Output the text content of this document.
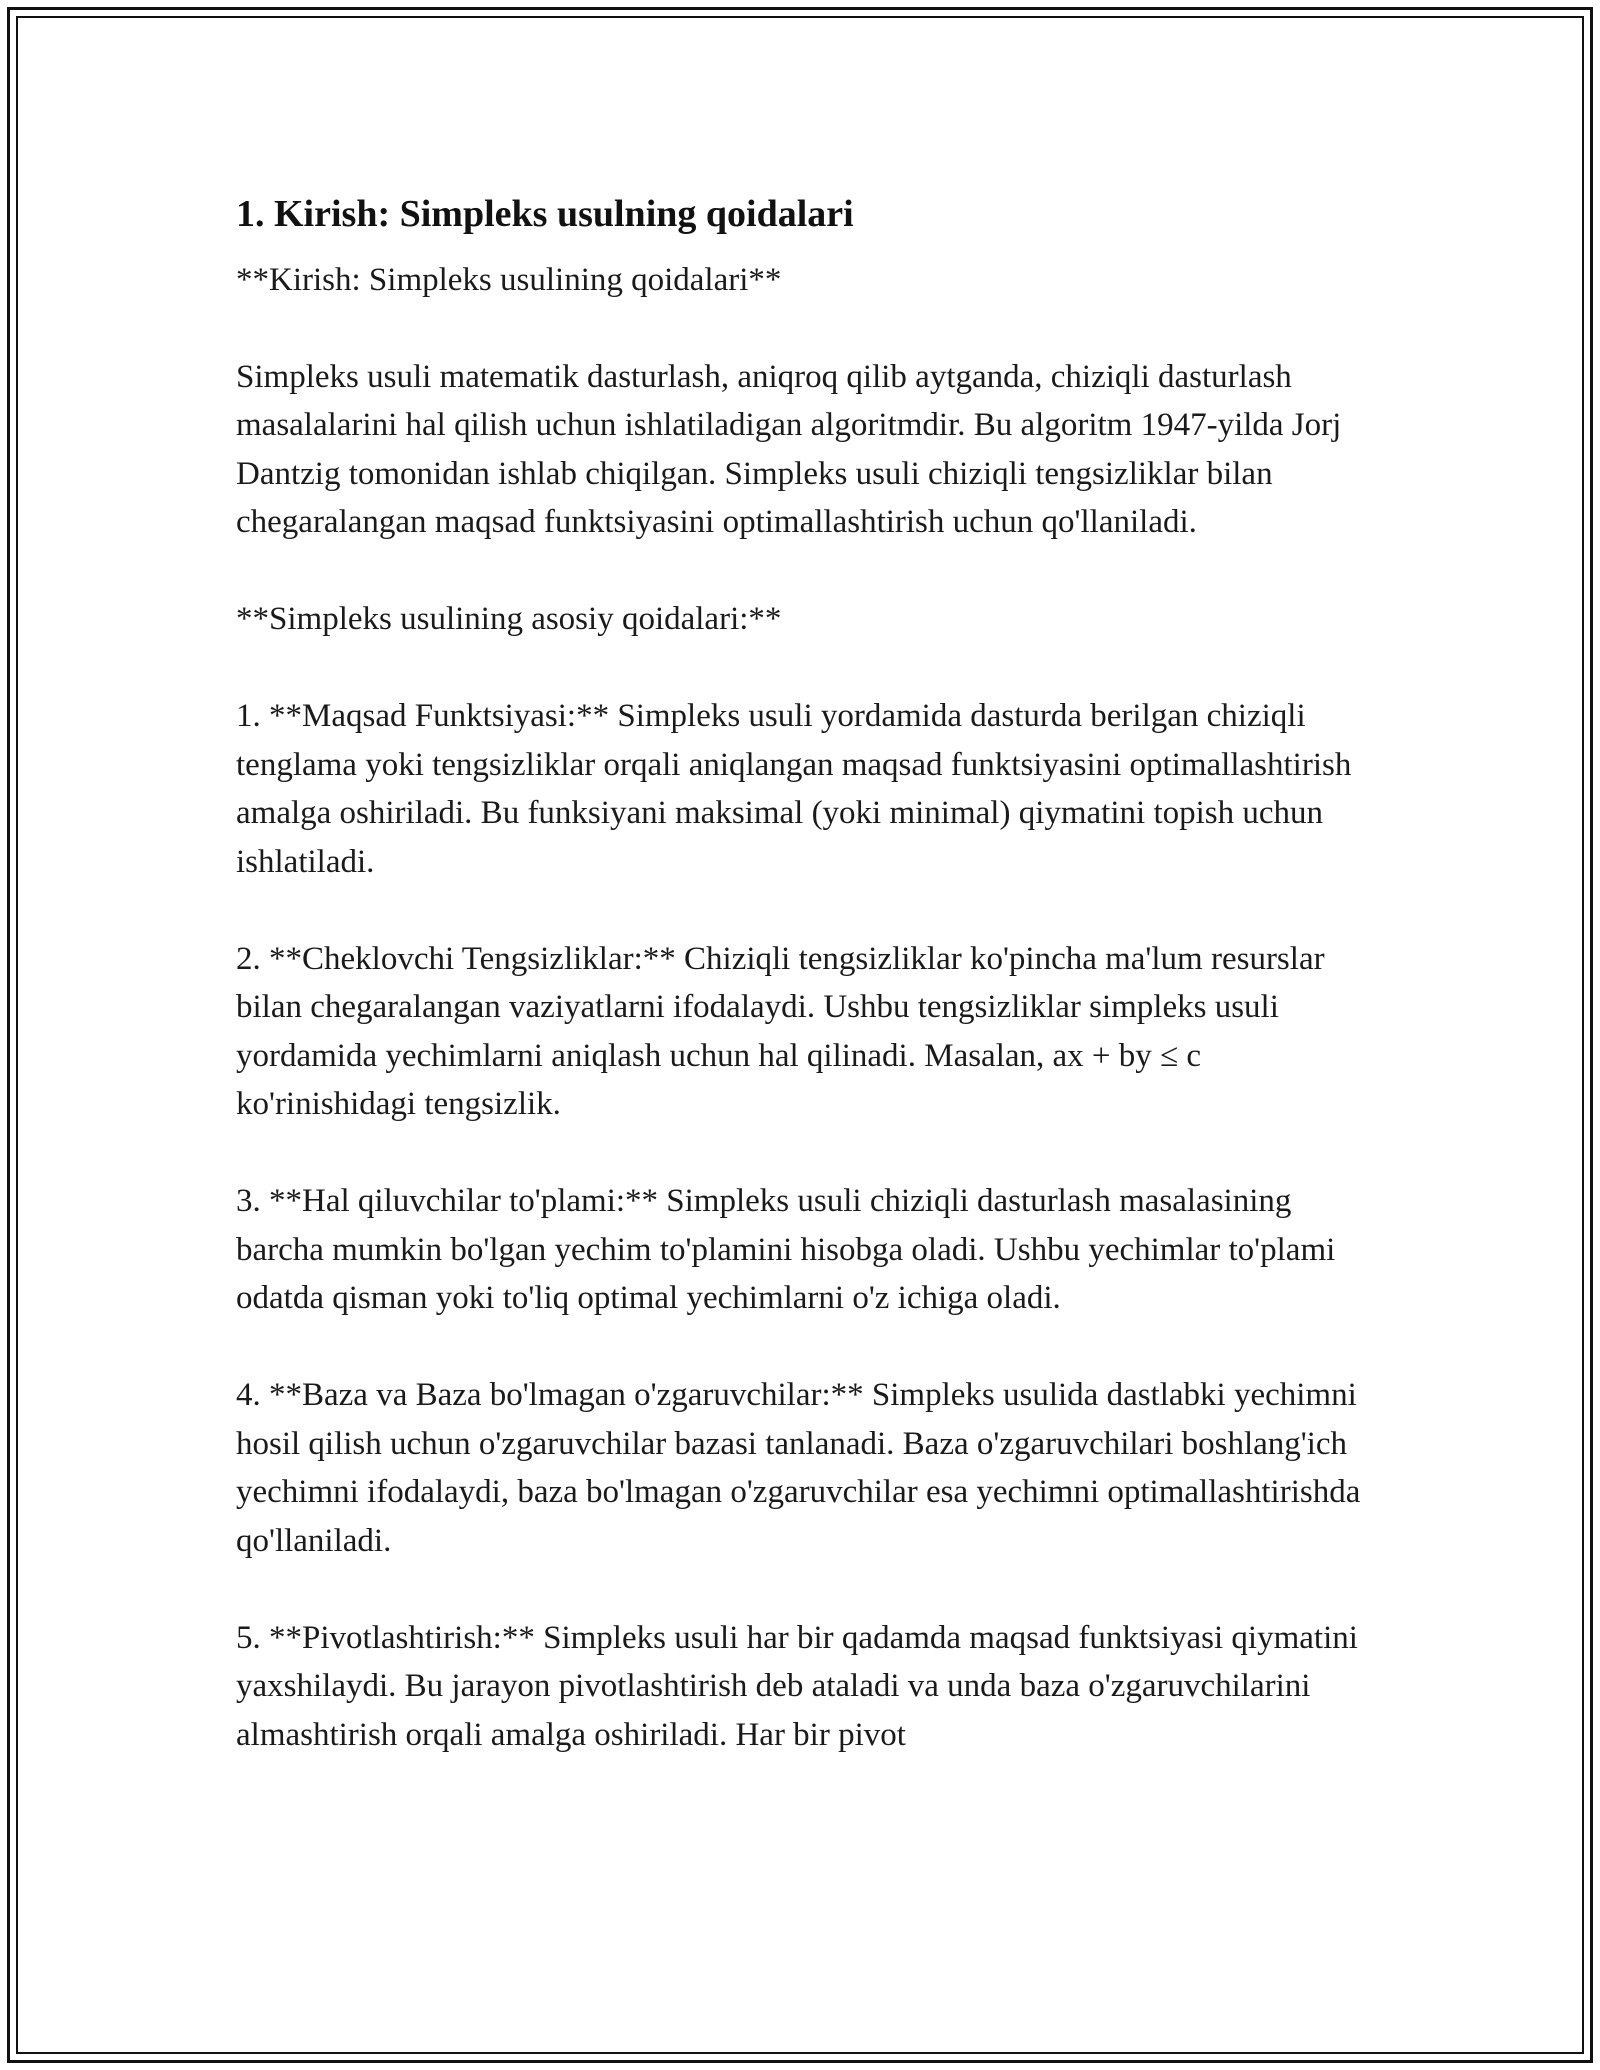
1. Kirish: Simpleks usulning qoidalari

**Kirish: Simpleks usulining qoidalari**

Simpleks usuli matematik dasturlash, aniqroq qilib aytganda, chiziqli dasturlash masalalarini hal qilish uchun ishlatiladigan algoritmdir. Bu algoritm 1947-yilda Jorj Dantzig tomonidan ishlab chiqilgan. Simpleks usuli chiziqli tengsizliklar bilan chegaralangan maqsad funktsiyasini optimallashtirish uchun qo'llaniladi.

**Simpleks usulining asosiy qoidalari:**

1. **Maqsad Funktsiyasi:** Simpleks usuli yordamida dasturda berilgan chiziqli tenglama yoki tengsizliklar orqali aniqlangan maqsad funktsiyasini optimallashtirish amalga oshiriladi. Bu funksiyani maksimal (yoki minimal) qiymatini topish uchun ishlatiladi.

2. **Cheklovchi Tengsizliklar:** Chiziqli tengsizliklar ko'pincha ma'lum resurslar bilan chegaralangan vaziyatlarni ifodalaydi. Ushbu tengsizliklar simpleks usuli yordamida yechimlarni aniqlash uchun hal qilinadi. Masalan, ax + by ≤ c ko'rinishidagi tengsizlik.

3. **Hal qiluvchilar to'plami:** Simpleks usuli chiziqli dasturlash masalasining barcha mumkin bo'lgan yechim to'plamini hisobga oladi. Ushbu yechimlar to'plami odatda qisman yoki to'liq optimal yechimlarni o'z ichiga oladi.

4. **Baza va Baza bo'lmagan o'zgaruvchilar:** Simpleks usulida dastlabki yechimni hosil qilish uchun o'zgaruvchilar bazasi tanlanadi. Baza o'zgaruvchilari boshlang'ich yechimni ifodalaydi, baza bo'lmagan o'zgaruvchilar esa yechimni optimallashtirishda qo'llaniladi.

5. **Pivotlashtirish:** Simpleks usuli har bir qadamda maqsad funktsiyasi qiymatini yaxshilaydi. Bu jarayon pivotlashtirish deb ataladi va unda baza o'zgaruvchilarini almashtirish orqali amalga oshiriladi. Har bir pivot
